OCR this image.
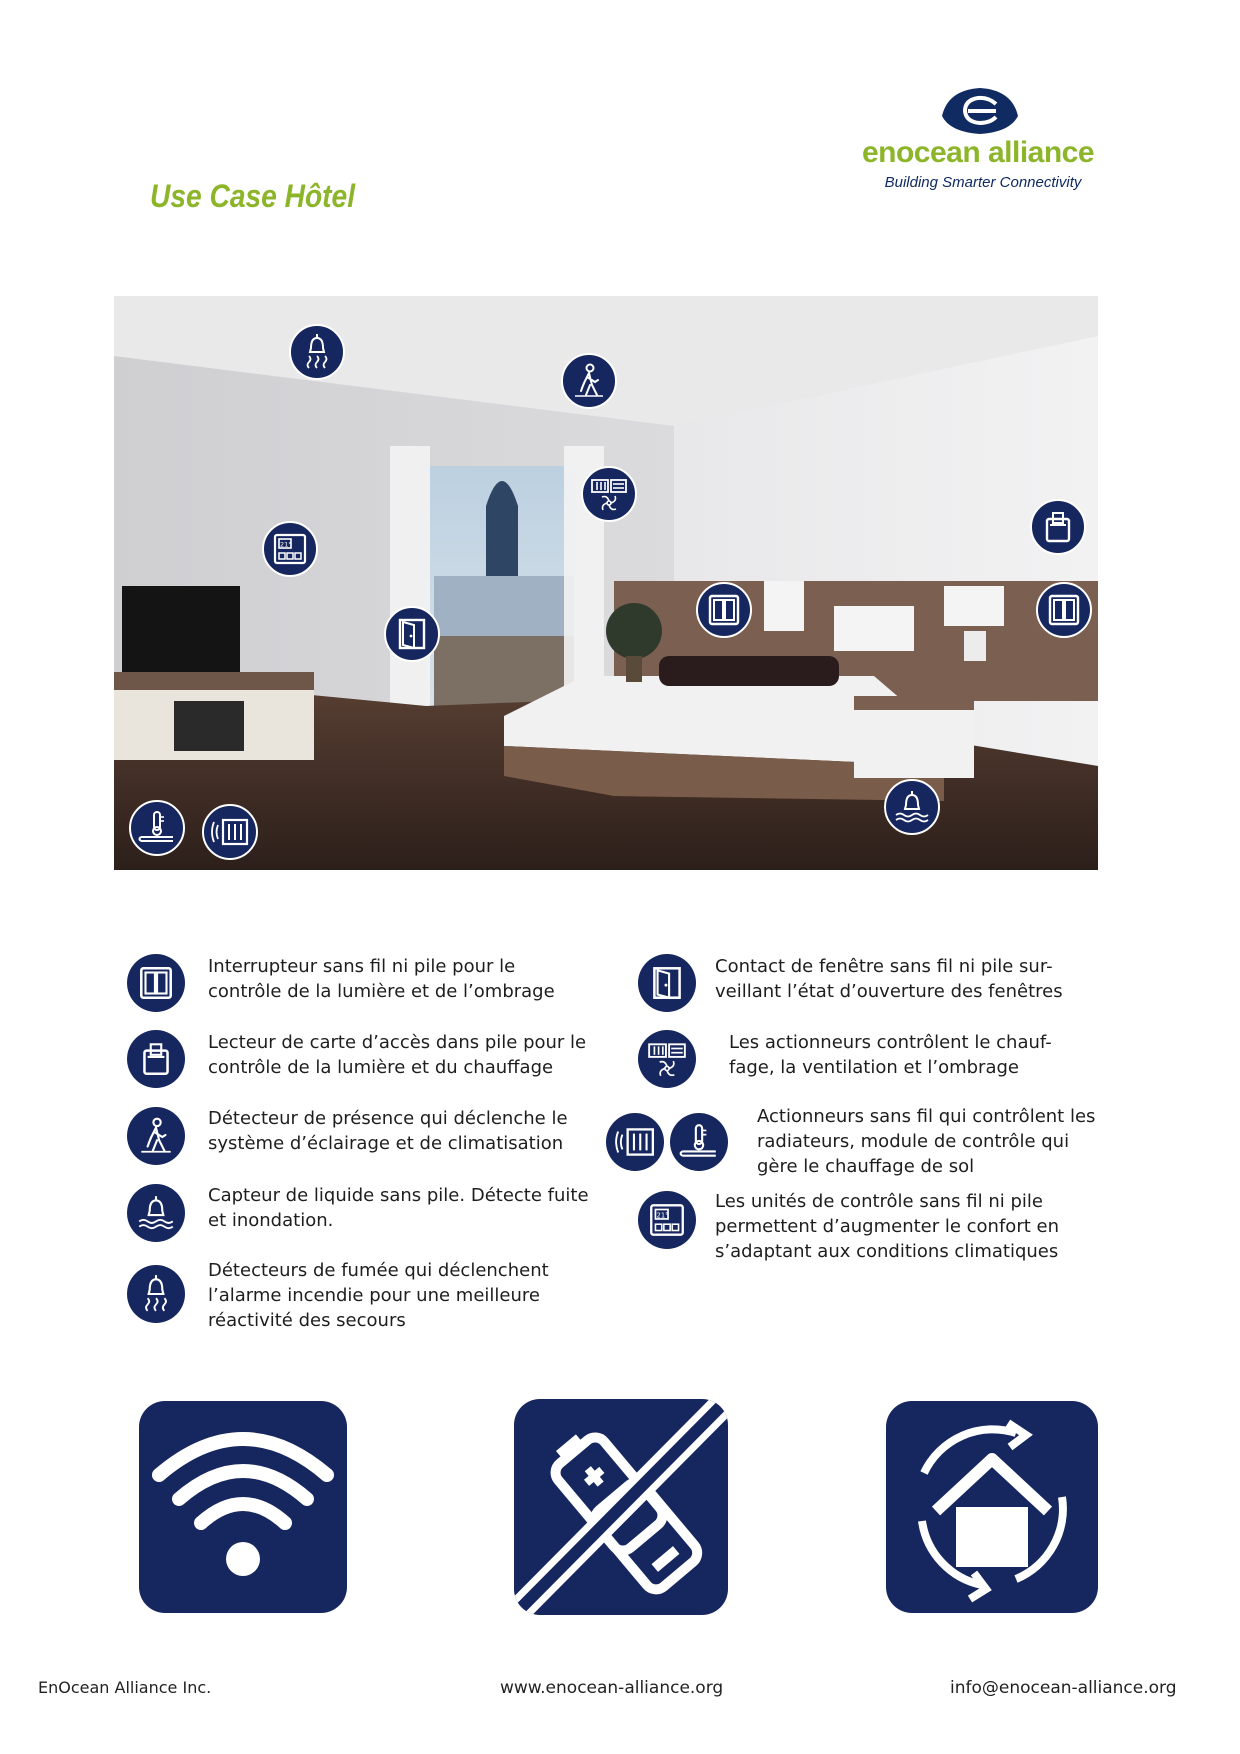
Use Case Hôtel
enocean alliance
Building Smarter Connectivity
Interrupteur sans fil ni pile pour le
contrôle de la lumière et de l’ombrage
Lecteur de carte d’accès dans pile pour le
contrôle de la lumière et du chauffage
Détecteur de présence qui déclenche le
système d’éclairage et de climatisation
Capteur de liquide sans pile. Détecte fuite
et inondation.
Détecteurs de fumée qui déclenchent
l’alarme incendie pour une meilleure
réactivité des secours
Contact de fenêtre sans fil ni pile sur-
veillant l’état d’ouverture des fenêtres
Les actionneurs contrôlent le chauf-
fage, la ventilation et l’ombrage
Actionneurs sans fil qui contrôlent les
radiateurs, module de contrôle qui
gère le chauffage de sol
Les unités de contrôle sans fil ni pile
permettent d’augmenter le confort en
s’adaptant aux conditions climatiques
EnOcean Alliance Inc.	www.enocean-alliance.org	info@enocean-alliance.org
